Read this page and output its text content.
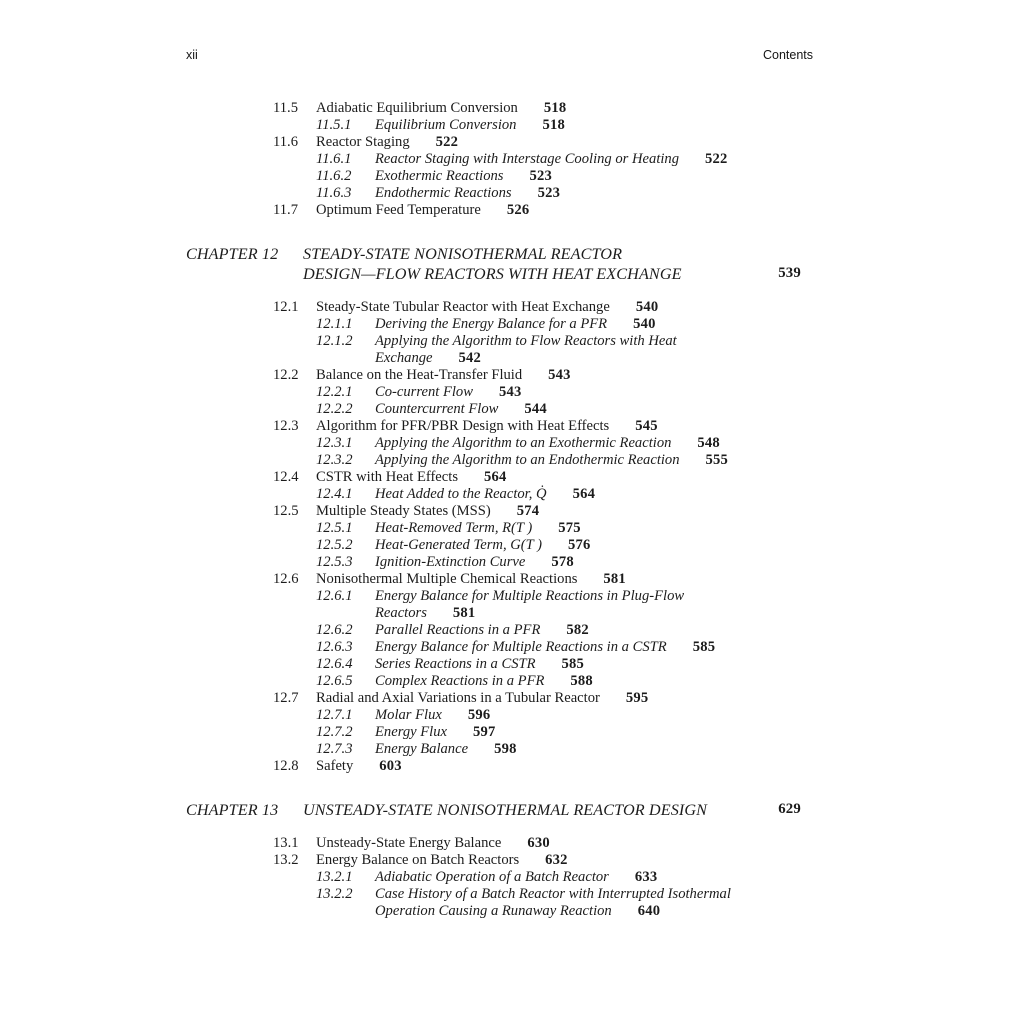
xii	Contents
11.5	Adiabatic Equilibrium Conversion 518
11.5.1	Equilibrium Conversion 518
11.6	Reactor Staging 522
11.6.1	Reactor Staging with Interstage Cooling or Heating 522
11.6.2	Exothermic Reactions 523
11.6.3	Endothermic Reactions 523
11.7	Optimum Feed Temperature 526
CHAPTER 12	STEADY-STATE NONISOTHERMAL REACTOR
DESIGN—FLOW REACTORS WITH HEAT EXCHANGE	539
12.1	Steady-State Tubular Reactor with Heat Exchange 540
12.1.1	Deriving the Energy Balance for a PFR 540
12.1.2	Applying the Algorithm to Flow Reactors with Heat
Exchange 542
12.2	Balance on the Heat-Transfer Fluid 543
12.2.1	Co-current Flow 543
12.2.2	Countercurrent Flow 544
12.3	Algorithm for PFR/PBR Design with Heat Effects 545
12.3.1	Applying the Algorithm to an Exothermic Reaction 548
12.3.2	Applying the Algorithm to an Endothermic Reaction 555
12.4	CSTR with Heat Effects 564
12.4.1	Heat Added to the Reactor, Q̇ 564
12.5	Multiple Steady States (MSS) 574
12.5.1	Heat-Removed Term, R(T ) 575
12.5.2	Heat-Generated Term, G(T ) 576
12.5.3	Ignition-Extinction Curve 578
12.6	Nonisothermal Multiple Chemical Reactions 581
12.6.1	Energy Balance for Multiple Reactions in Plug-Flow
Reactors 581
12.6.2	Parallel Reactions in a PFR 582
12.6.3	Energy Balance for Multiple Reactions in a CSTR 585
12.6.4	Series Reactions in a CSTR 585
12.6.5	Complex Reactions in a PFR 588
12.7	Radial and Axial Variations in a Tubular Reactor 595
12.7.1	Molar Flux 596
12.7.2	Energy Flux 597
12.7.3	Energy Balance 598
12.8	Safety 603
CHAPTER 13	UNSTEADY-STATE NONISOTHERMAL REACTOR DESIGN	629
13.1	Unsteady-State Energy Balance 630
13.2	Energy Balance on Batch Reactors 632
13.2.1	Adiabatic Operation of a Batch Reactor 633
13.2.2	Case History of a Batch Reactor with Interrupted Isothermal
Operation Causing a Runaway Reaction 640
